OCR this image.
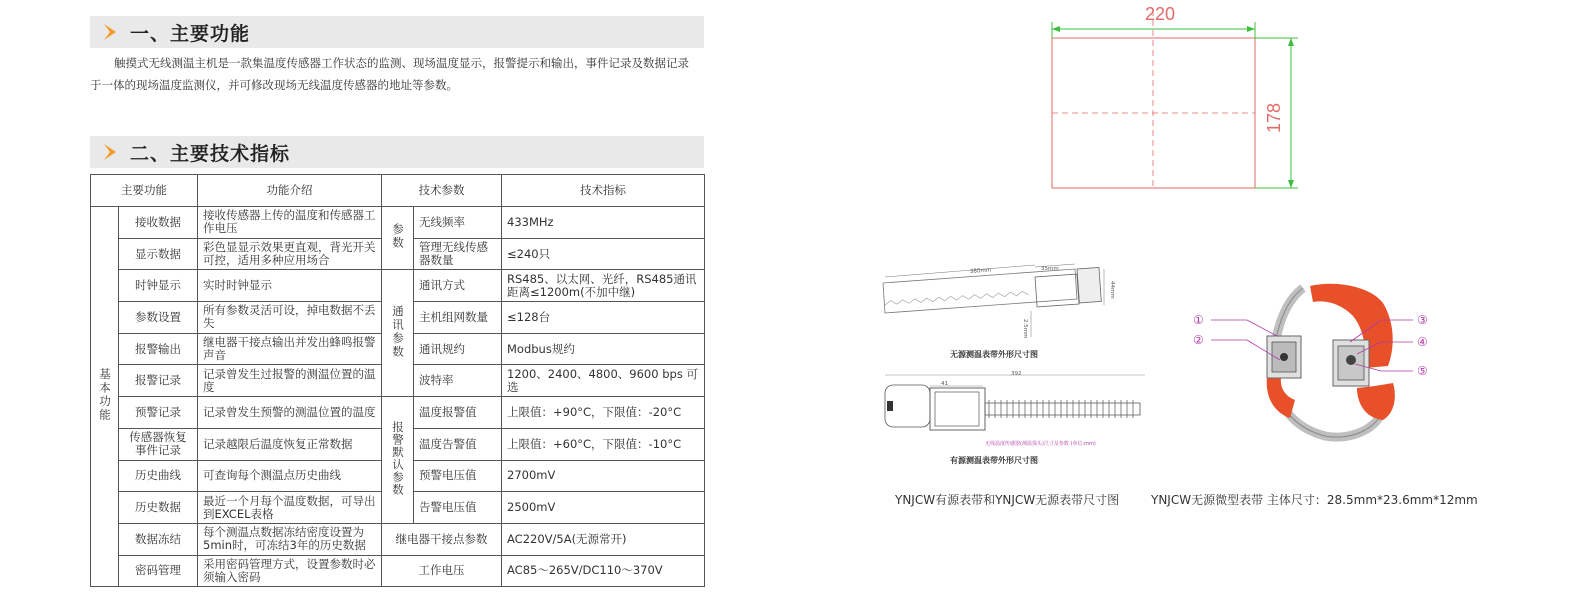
一、主要功能
触摸式无线测温主机是一款集温度传感器工作状态的监测、现场温度显示，报警提示和输出，事件记录及数据记录
于一体的现场温度监测仪，并可修改现场无线温度传感器的地址等参数。
二、主要技术指标
主要功能		功能介绍	技术参数		技术指标
基本功能	接收数据	接收传感器上传的温度和传感器工作电压	参数	无线频率	433MHz
	显示数据	彩色显显示效果更直观，背光开关可控，适用多种应用场合		管理无线传感器数量	≤240只
	时钟显示	实时时钟显示	通讯参数	通讯方式	RS485、以太网、光纤，RS485通讯距离≤1200m(不加中继)
	参数设置	所有参数灵活可设，掉电数据不丢失		主机组网数量	≤128台
	报警输出	继电器干接点输出并发出蜂鸣报警声音		通讯规约	Modbus规约
	报警记录	记录曾发生过报警的测温位置的温度		波特率	1200、2400、4800、9600 bps 可选
	预警记录	记录曾发生预警的测温位置的温度	报警默认参数	温度报警值	上限值：+90°C，下限值：-20°C
	传感器恢复事件记录	记录越限后温度恢复正常数据		温度告警值	上限值：+60°C，下限值：-10°C
	历史曲线	可查询每个测温点历史曲线		预警电压值	2700mV
	历史数据	最近一个月每个温度数据，可导出到EXCEL表格		告警电压值	2500mV
	数据冻结	每个测温点数据冻结密度设置为5min时，可冻结3年的历史数据	继电器干接点参数		AC220V/5A(无源常开)
	密码管理	采用密码管理方式，设置参数时必须输入密码	工作电压		AC85～265V/DC110～370V
220
178
380mm	35mm
44mm
2.5mm
无源测温表带外形尺寸图
392
41
无线温度传感器(测温探头)尺寸及参数 (单位:mm)
有源测温表带外形尺寸图
①
②
③
④
⑤
YNJCW有源表带和YNJCW无源表带尺寸图	YNJCW无源微型表带 主体尺寸：28.5mm*23.6mm*12mm
